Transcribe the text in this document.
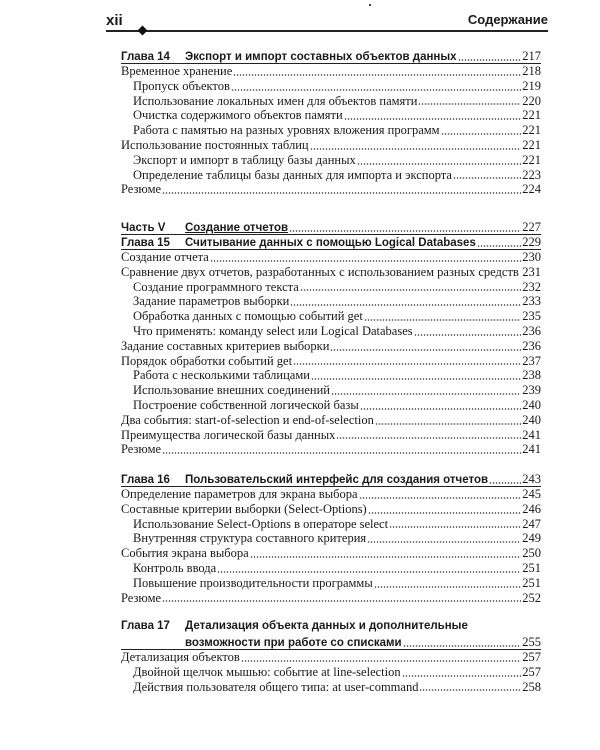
xii	Содержание
Глава 14 Экспорт и импорт составных объектов данных	217
Временное хранение	218
Пропуск объектов	219
Использование локальных имен для объектов памяти	220
Очистка содержимого объектов памяти	221
Работа с памятью на разных уровнях вложения программ	221
Использование постоянных таблиц	221
Экспорт и импорт в таблицу базы данных	221
Определение таблицы базы данных для импорта и экспорта	223
Резюме	224
Часть V Создание отчетов	227
Глава 15 Считывание данных с помощью Logical Databases	229
Создание отчета	230
Сравнение двух отчетов, разработанных с использованием разных средств 231
Создание программного текста	232
Задание параметров выборки	233
Обработка данных с помощью событий get	235
Что применять: команду select или Logical Databases	236
Задание составных критериев выборки	236
Порядок обработки событий get	237
Работа с несколькими таблицами	238
Использование внешних соединений	239
Построение собственной логической базы	240
Два события: start-of-selection и end-of-selection	240
Преимущества логической базы данных	241
Резюме	241
Глава 16 Пользовательский интерфейс для создания отчетов	243
Определение параметров для экрана выбора	245
Составные критерии выборки (Select-Options)	246
Использование Select-Options в операторе select	247
Внутренняя структура составного критерия	249
События экрана выбора	250
Контроль ввода	251
Повышение производительности программы	251
Резюме	252
Глава 17 Детализация объекта данных и дополнительные
возможности при работе со списками	255
Детализация объектов	257
Двойной щелчок мышью: событие at line-selection	257
Действия пользователя общего типа: at user-command	258
